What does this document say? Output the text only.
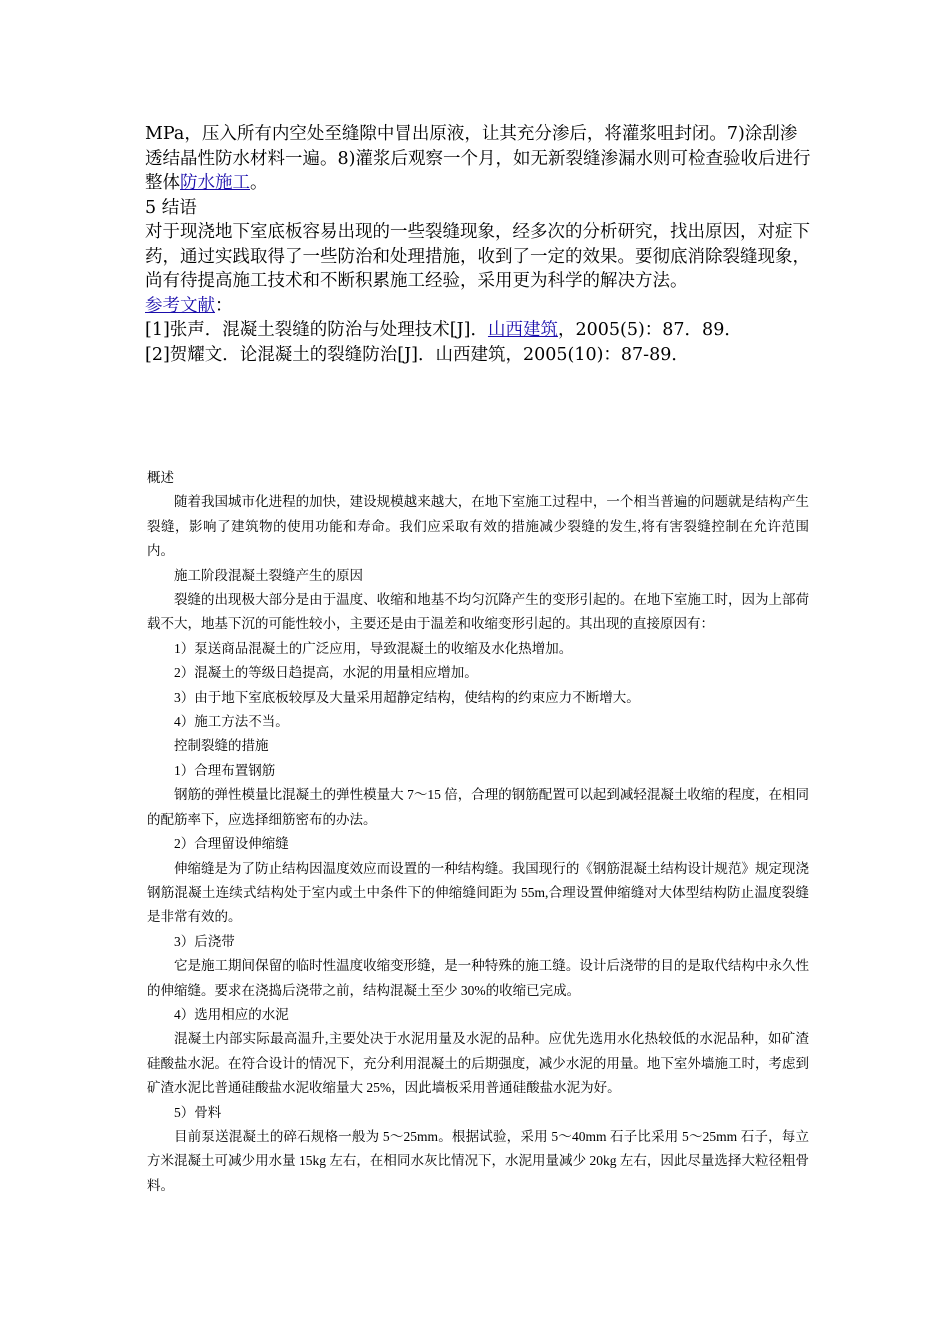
MPa，压入所有内空处至缝隙中冒出原液，让其充分渗后，将灌浆咀封闭。7)涂刮渗透结晶性防水材料一遍。8)灌浆后观察一个月，如无新裂缝渗漏水则可检查验收后进行整体防水施工。

5 结语

对于现浇地下室底板容易出现的一些裂缝现象，经多次的分析研究，找出原因，对症下药，通过实践取得了一些防治和处理措施，收到了一定的效果。要彻底消除裂缝现象，尚有待提高施工技术和不断积累施工经验，采用更为科学的解决方法。

参考文献：

[1]张声．混凝土裂缝的防治与处理技术[J]．山西建筑，2005(5)：87．89．

[2]贺耀文．论混凝土的裂缝防治[J]．山西建筑，2005(10)：87-89．

概述

随着我国城市化进程的加快，建设规模越来越大，在地下室施工过程中，一个相当普遍的问题就是结构产生裂缝，影响了建筑物的使用功能和寿命。我们应采取有效的措施减少裂缝的发生,将有害裂缝控制在允许范围内。

施工阶段混凝土裂缝产生的原因

裂缝的出现极大部分是由于温度、收缩和地基不均匀沉降产生的变形引起的。在地下室施工时，因为上部荷载不大，地基下沉的可能性较小，主要还是由于温差和收缩变形引起的。其出现的直接原因有：

1）泵送商品混凝土的广泛应用，导致混凝土的收缩及水化热增加。

2）混凝土的等级日趋提高，水泥的用量相应增加。

3）由于地下室底板较厚及大量采用超静定结构，使结构的约束应力不断增大。

4）施工方法不当。

控制裂缝的措施

1）合理布置钢筋

钢筋的弹性模量比混凝土的弹性模量大 7～15 倍，合理的钢筋配置可以起到减轻混凝土收缩的程度，在相同的配筋率下，应选择细筋密布的办法。

2）合理留设伸缩缝

伸缩缝是为了防止结构因温度效应而设置的一种结构缝。我国现行的《钢筋混凝土结构设计规范》规定现浇钢筋混凝土连续式结构处于室内或土中条件下的伸缩缝间距为 55m,合理设置伸缩缝对大体型结构防止温度裂缝是非常有效的。

3）后浇带

它是施工期间保留的临时性温度收缩变形缝，是一种特殊的施工缝。设计后浇带的目的是取代结构中永久性的伸缩缝。要求在浇捣后浇带之前，结构混凝土至少 30%的收缩已完成。

4）选用相应的水泥

混凝土内部实际最高温升,主要处决于水泥用量及水泥的品种。应优先选用水化热较低的水泥品种，如矿渣硅酸盐水泥。在符合设计的情况下，充分利用混凝土的后期强度，减少水泥的用量。地下室外墙施工时，考虑到矿渣水泥比普通硅酸盐水泥收缩量大 25%，因此墙板采用普通硅酸盐水泥为好。

5）骨料

目前泵送混凝土的碎石规格一般为 5～25mm。根据试验，采用 5～40mm 石子比采用 5～25mm 石子，每立方米混凝土可减少用水量 15kg 左右，在相同水灰比情况下，水泥用量减少 20kg 左右，因此尽量选择大粒径粗骨料。
